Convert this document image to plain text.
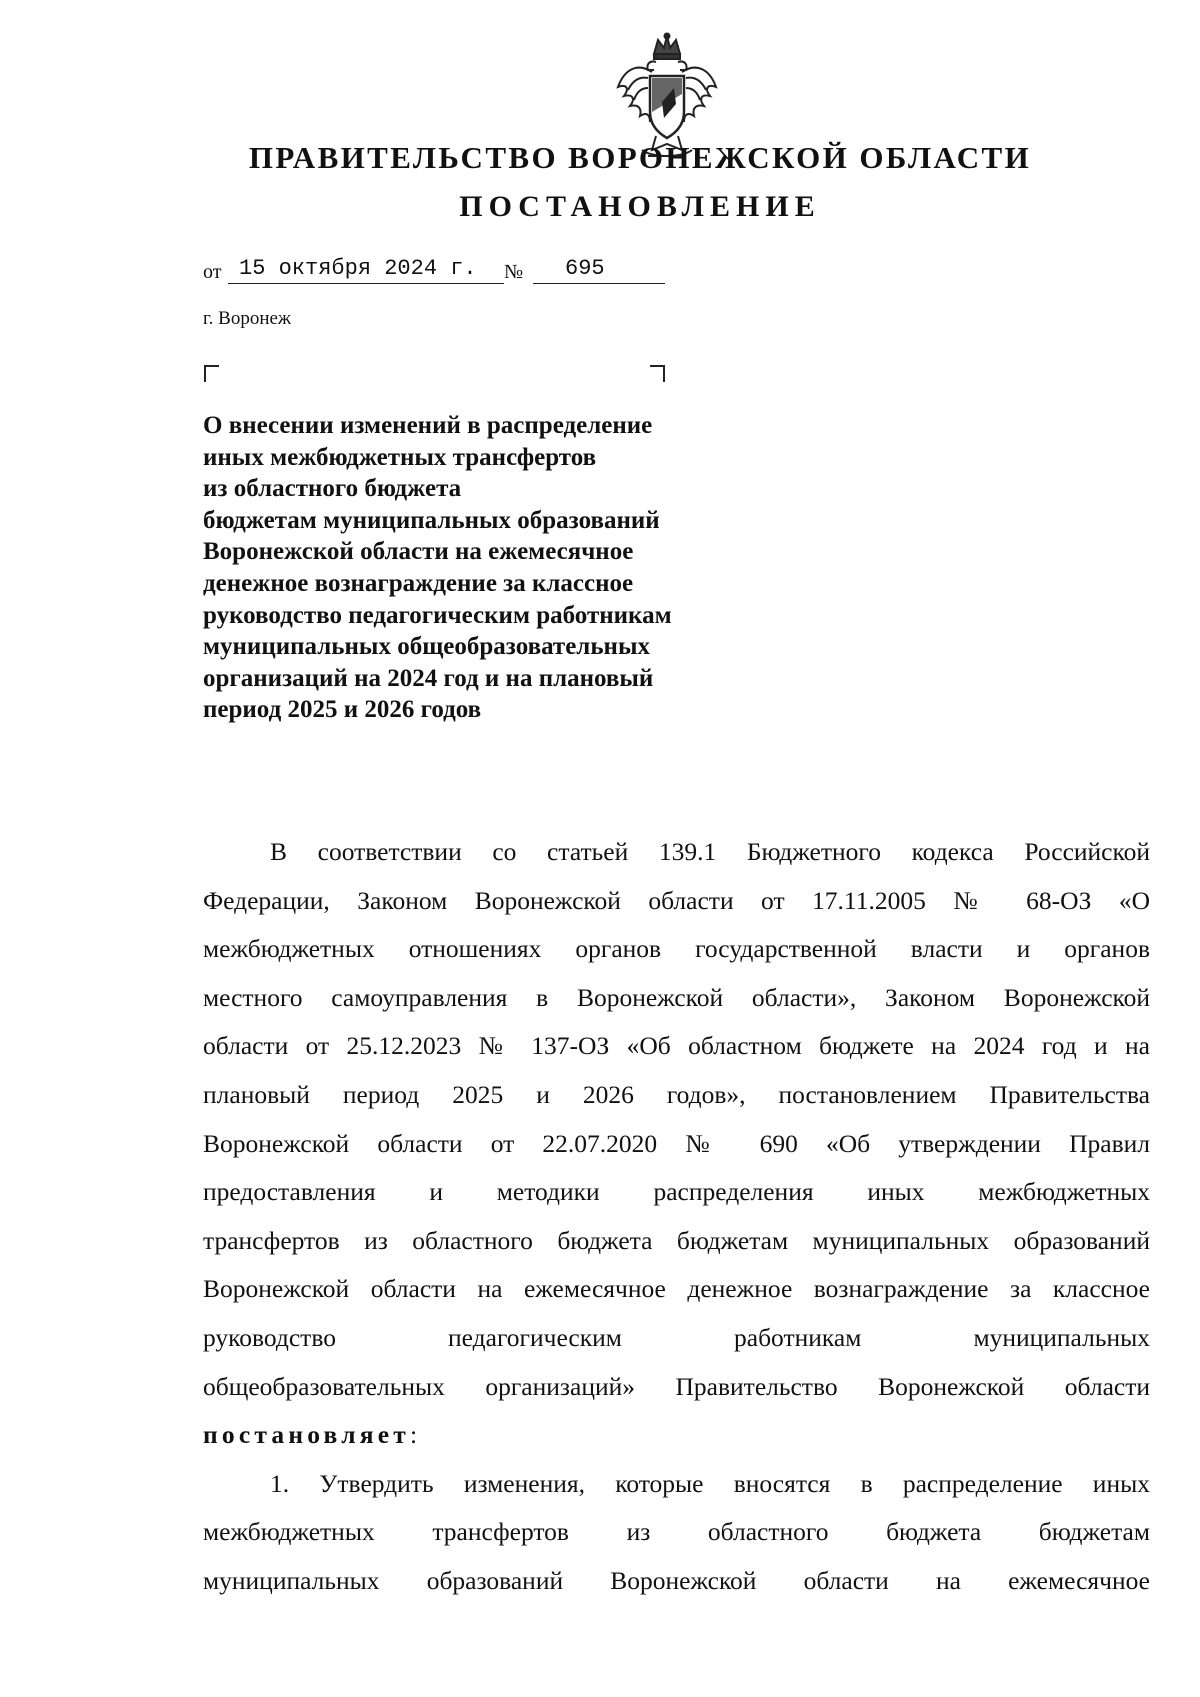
ПРАВИТЕЛЬСТВО ВОРОНЕЖСКОЙ ОБЛАСТИ
ПОСТАНОВЛЕНИЕ
от 15 октября 2024 г. № 695
г. Воронеж
О внесении изменений в распределение
иных межбюджетных трансфертов
из областного бюджета
бюджетам муниципальных образований
Воронежской области на ежемесячное
денежное вознаграждение за классное
руководство педагогическим работникам
муниципальных общеобразовательных
организаций на 2024 год и на плановый
период 2025 и 2026 годов
В соответствии со статьей 139.1 Бюджетного кодекса Российской
Федерации, Законом Воронежской области от 17.11.2005 № 68-ОЗ «О
межбюджетных отношениях органов государственной власти и органов
местного самоуправления в Воронежской области», Законом Воронежской
области от 25.12.2023 № 137-ОЗ «Об областном бюджете на 2024 год и на
плановый период 2025 и 2026 годов», постановлением Правительства
Воронежской области от 22.07.2020 № 690 «Об утверждении Правил
предоставления и методики распределения иных межбюджетных
трансфертов из областного бюджета бюджетам муниципальных образований
Воронежской области на ежемесячное денежное вознаграждение за классное
руководство педагогическим работникам муниципальных
общеобразовательных организаций» Правительство Воронежской области
постановляет:
1. Утвердить изменения, которые вносятся в распределение иных
межбюджетных трансфертов из областного бюджета бюджетам
муниципальных образований Воронежской области на ежемесячное
